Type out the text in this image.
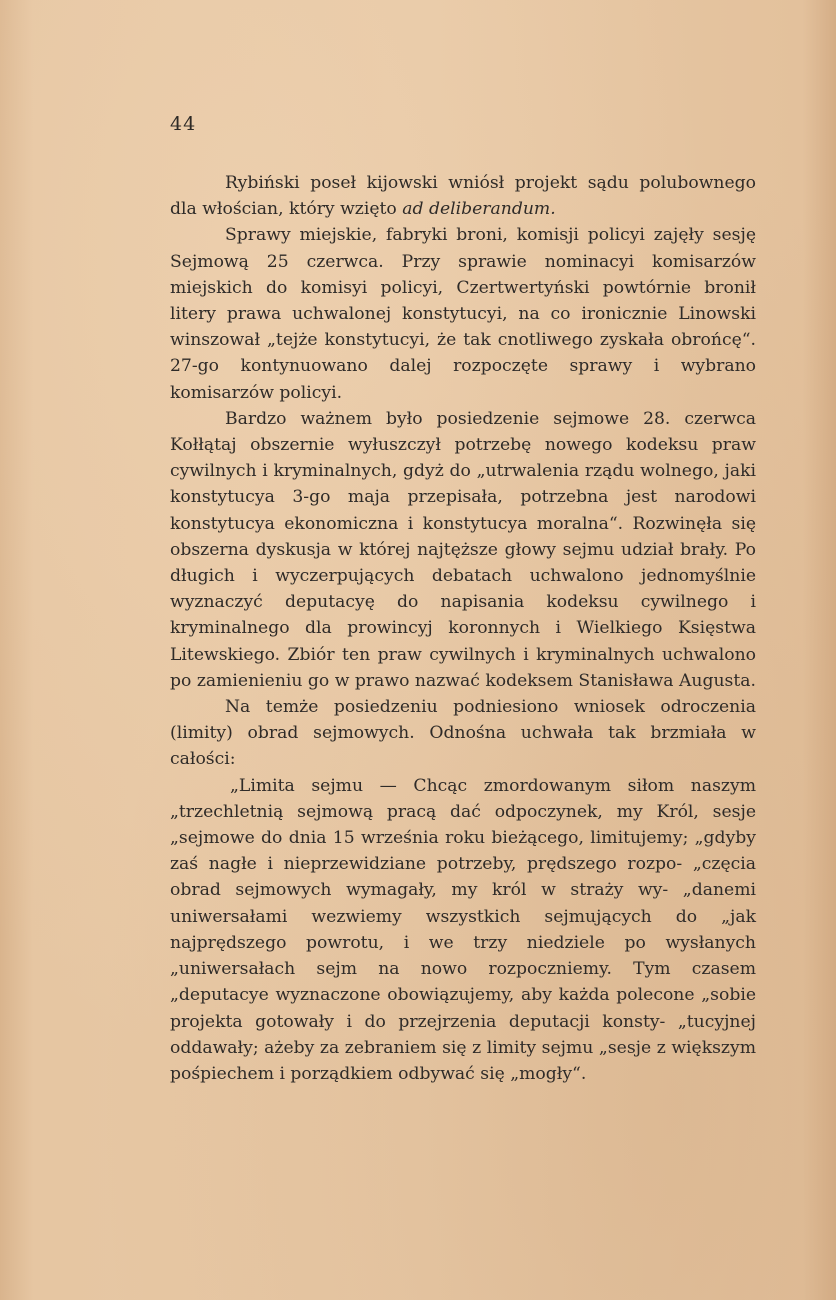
44

Rybiński poseł kijowski wniósł projekt sądu polubownego dla włościan, który wzięto ad deliberandum.

Sprawy miejskie, fabryki broni, komisji policyi zajęły sesję Sejmową 25 czerwca. Przy sprawie nominacyi komisarzów miejskich do komisyi policyi, Czertwertyński powtórnie bronił litery prawa uchwalonej konstytucyi, na co ironicznie Linowski winszował „tejże konstytucyi, że tak cnotliwego zyskała obrońcę“. 27-go kontynuowano dalej rozpoczęte sprawy i wybrano komisarzów policyi.

Bardzo ważnem było posiedzenie sejmowe 28. czerwca Kołłątaj obszernie wyłuszczył potrzebę nowego kodeksu praw cywilnych i kryminalnych, gdyż do „utrwalenia rządu wolnego, jaki konstytucya 3-go maja przepisała, potrzebna jest narodowi konstytucya ekonomiczna i konstytucya moralna“. Rozwinęła się obszerna dyskusja w której najtęższe głowy sejmu udział brały. Po długich i wyczerpujących debatach uchwalono jednomyślnie wyznaczyć deputacyę do napisania kodeksu cywilnego i kryminalnego dla prowincyj koronnych i Wielkiego Księstwa Litewskiego. Zbiór ten praw cywilnych i kryminalnych uchwalono po zamienieniu go w prawo nazwać kodeksem Stanisława Augusta.

Na temże posiedzeniu podniesiono wniosek odroczenia (limity) obrad sejmowych. Odnośna uchwała tak brzmiała w całości:

„Limita sejmu — Chcąc zmordowanym siłom naszym „trzechletnią sejmową pracą dać odpoczynek, my Król, sesje „sejmowe do dnia 15 września roku bieżącego, limitujemy; „gdyby zaś nagłe i nieprzewidziane potrzeby, prędszego rozpo- „częcia obrad sejmowych wymagały, my król w straży wy- „danemi uniwersałami wezwiemy wszystkich sejmujących do „jak najprędszego powrotu, i we trzy niedziele po wysłanych „uniwersałach sejm na nowo rozpoczniemy. Tym czasem „deputacye wyznaczone obowiązujemy, aby każda polecone „sobie projekta gotowały i do przejrzenia deputacji konsty- „tucyjnej oddawały; ażeby za zebraniem się z limity sejmu „sesje z większym pośpiechem i porządkiem odbywać się „mogły“.
